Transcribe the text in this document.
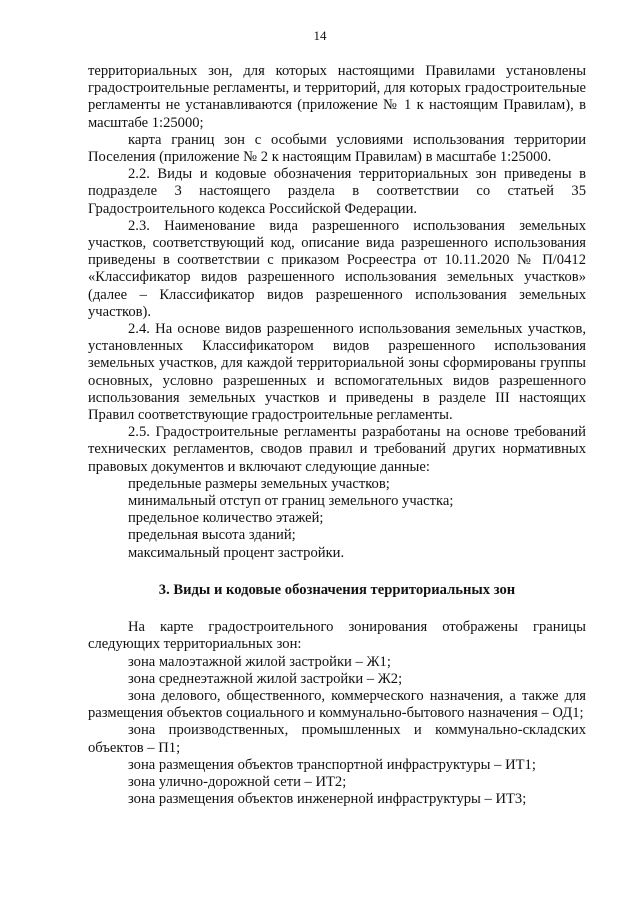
14

территориальных зон, для которых настоящими Правилами установлены градостроительные регламенты, и территорий, для которых градостроительные регламенты не устанавливаются (приложение № 1 к настоящим Правилам), в масштабе 1:25000;

карта границ зон с особыми условиями использования территории Поселения (приложение № 2 к настоящим Правилам) в масштабе 1:25000.

2.2. Виды и кодовые обозначения территориальных зон приведены в подразделе 3 настоящего раздела в соответствии со статьей 35 Градостроительного кодекса Российской Федерации.

2.3. Наименование вида разрешенного использования земельных участков, соответствующий код, описание вида разрешенного использования приведены в соответствии с приказом Росреестра от 10.11.2020 № П/0412 «Классификатор видов разрешенного использования земельных участков» (далее – Классификатор видов разрешенного использования земельных участков).

2.4. На основе видов разрешенного использования земельных участков, установленных Классификатором видов разрешенного использования земельных участков, для каждой территориальной зоны сформированы группы основных, условно разрешенных и вспомогательных видов разрешенного использования земельных участков и приведены в разделе III настоящих Правил соответствующие градостроительные регламенты.

2.5. Градостроительные регламенты разработаны на основе требований технических регламентов, сводов правил и требований других нормативных правовых документов и включают следующие данные:

предельные размеры земельных участков;

минимальный отступ от границ земельного участка;

предельное количество этажей;

предельная высота зданий;

максимальный процент застройки.

3. Виды и кодовые обозначения территориальных зон

На карте градостроительного зонирования отображены границы следующих территориальных зон:

зона малоэтажной жилой застройки – Ж1;

зона среднеэтажной жилой застройки – Ж2;

зона делового, общественного, коммерческого назначения, а также для размещения объектов социального и коммунально-бытового назначения – ОД1;

зона производственных, промышленных и коммунально-складских объектов – П1;

зона размещения объектов транспортной инфраструктуры – ИТ1;

зона улично-дорожной сети – ИТ2;

зона размещения объектов инженерной инфраструктуры – ИТ3;
